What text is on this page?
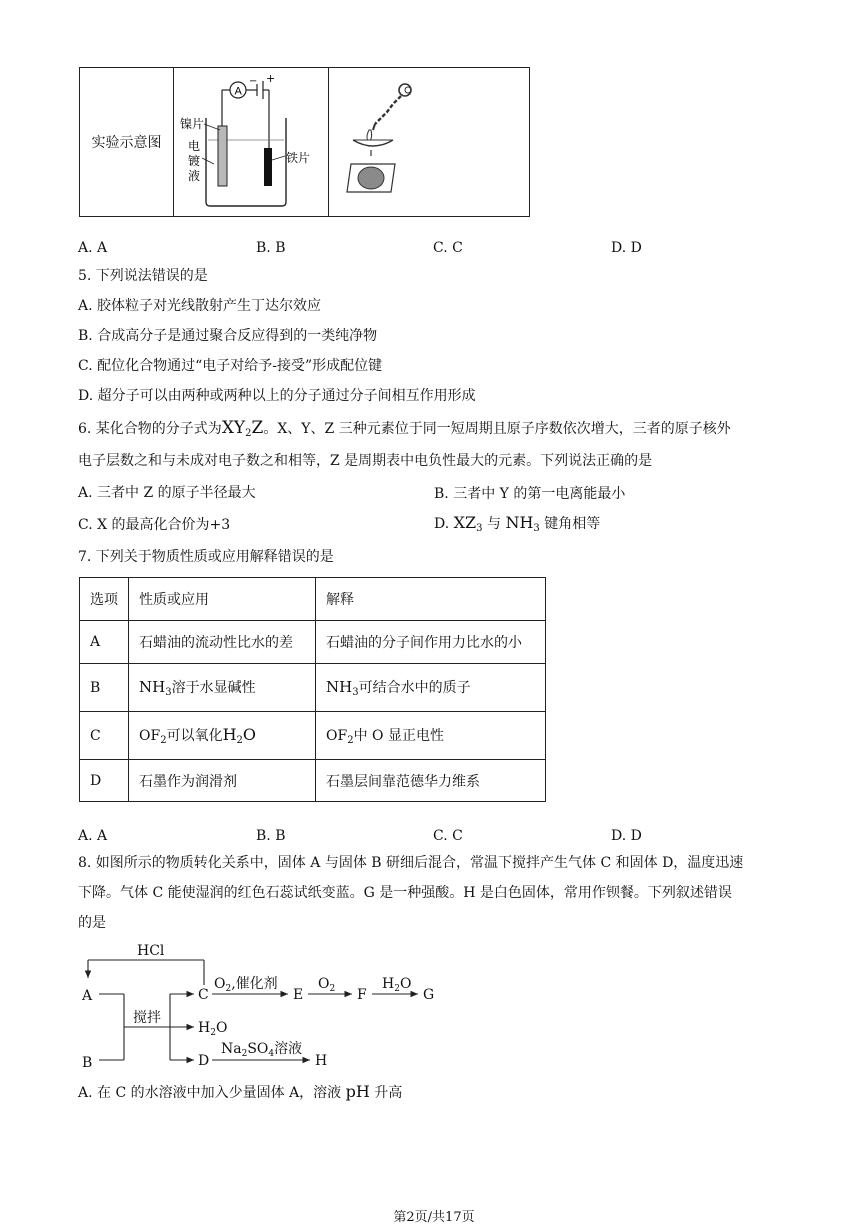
实验示意图	
A
− +
镍片
电
镀
液
铁片

A. A	B. B	C. C	D. D
5. 下列说法错误的是
A. 胶体粒子对光线散射产生丁达尔效应
B. 合成高分子是通过聚合反应得到的一类纯净物
C. 配位化合物通过“电子对给予-接受”形成配位键
D. 超分子可以由两种或两种以上的分子通过分子间相互作用形成
6. 某化合物的分子式为$XY_2Z$。X、Y、Z 三种元素位于同一短周期且原子序数依次增大，三者的原子核外
电子层数之和与未成对电子数之和相等，Z 是周期表中电负性最大的元素。下列说法正确的是
A. 三者中 Z 的原子半径最大	B. 三者中 Y 的第一电离能最小
C. X 的最高化合价为+3	D. $XZ_3$ 与 $NH_3$ 键角相等
7. 下列关于物质性质或应用解释错误的是
选项	性质或应用	解释
A	石蜡油的流动性比水的差	石蜡油的分子间作用力比水的小
B	$NH_3$溶于水显碱性	$NH_3$可结合水中的质子
C	$OF_2$可以氧化$H_2O$	$OF_2$中 O 显正电性
D	石墨作为润滑剂	石墨层间靠范德华力维系
A. A	B. B	C. C	D. D
8. 如图所示的物质转化关系中，固体 A 与固体 B 研细后混合，常温下搅拌产生气体 C 和固体 D，温度迅速
下降。气体 C 能使湿润的红色石蕊试纸变蓝。G 是一种强酸。H 是白色固体，常用作钡餐。下列叙述错误
的是
HCl
A
B
搅拌
C
$O_2$,催化剂
E
$O_2$ F
$H_2O$
G
$H_2O$
D
$Na_2SO_4$溶液
H
A. 在 C 的水溶液中加入少量固体 A，溶液 pH 升高
第2页/共17页
